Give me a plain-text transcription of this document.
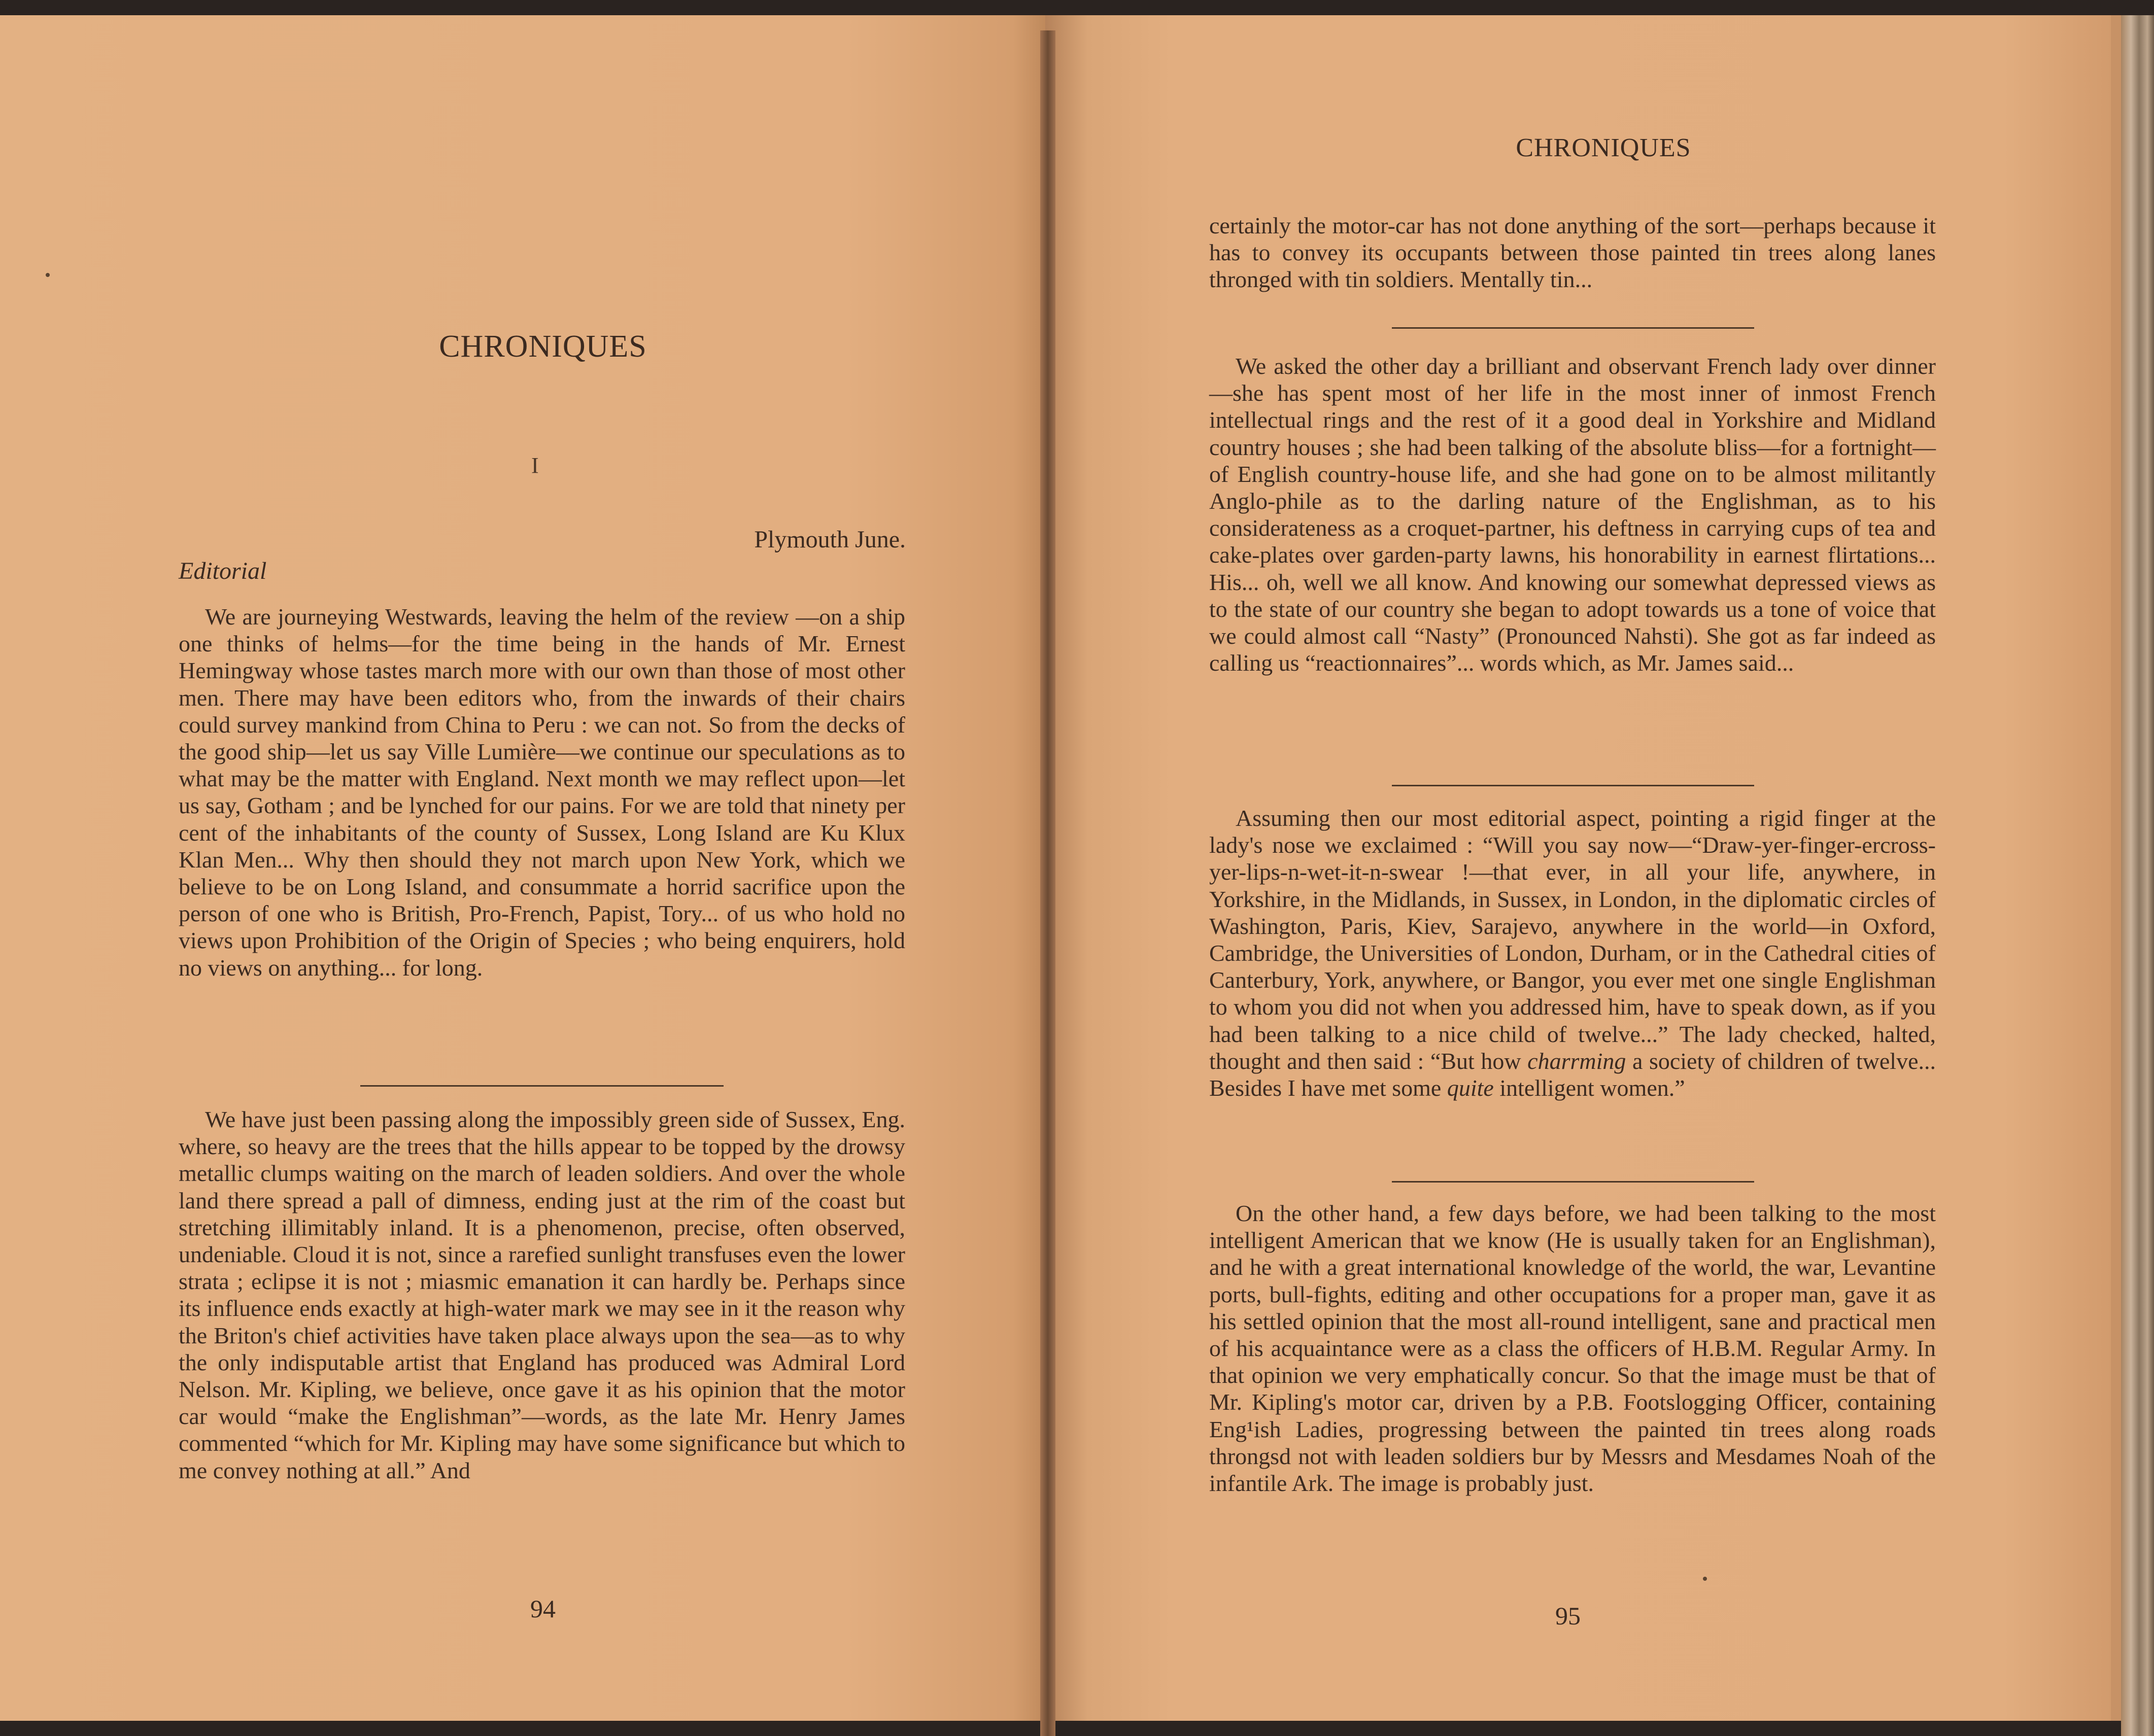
CHRONIQUES
I
Plymouth June.
Editorial

We are journeying Westwards, leaving the helm of the review —on a ship one thinks of helms—for the time being in the hands of Mr. Ernest Hemingway whose tastes march more with our own than those of most other men. There may have been editors who, from the inwards of their chairs could survey mankind from China to Peru : we can not. So from the decks of the good ship—let us say Ville Lumière—we continue our speculations as to what may be the matter with England. Next month we may reflect upon—let us say, Gotham ; and be lynched for our pains. For we are told that ninety per cent of the inhabitants of the county of Sussex, Long Island are Ku Klux Klan Men... Why then should they not march upon New York, which we believe to be on Long Island, and consummate a horrid sacrifice upon the person of one who is British, Pro-French, Papist, Tory... of us who hold no views upon Prohibition of the Origin of Species ; who being enquirers, hold no views on anything... for long.

We have just been passing along the impossibly green side of Sussex, Eng. where, so heavy are the trees that the hills appear to be topped by the drowsy metallic clumps waiting on the march of leaden soldiers. And over the whole land there spread a pall of dimness, ending just at the rim of the coast but stretching illimitably inland. It is a phenomenon, precise, often observed, undeniable. Cloud it is not, since a rarefied sunlight transfuses even the lower strata ; eclipse it is not ; miasmic emanation it can hardly be. Perhaps since its influence ends exactly at high-water mark we may see in it the reason why the Briton's chief activities have taken place always upon the sea—as to why the only indisputable artist that England has produced was Admiral Lord Nelson. Mr. Kipling, we believe, once gave it as his opinion that the motor car would “make the Englishman”—words, as the late Mr. Henry James commented “which for Mr. Kipling may have some significance but which to me convey nothing at all.” And

94
CHRONIQUES

certainly the motor-car has not done anything of the sort—perhaps because it has to convey its occupants between those painted tin trees along lanes thronged with tin soldiers. Mentally tin...

We asked the other day a brilliant and observant French lady over dinner—she has spent most of her life in the most inner of inmost French intellectual rings and the rest of it a good deal in Yorkshire and Midland country houses ; she had been talking of the absolute bliss—for a fortnight—of English country-house life, and she had gone on to be almost militantly Anglo-phile as to the darling nature of the Englishman, as to his considerateness as a croquet-partner, his deftness in carrying cups of tea and cake-plates over garden-party lawns, his honorability in earnest flirtations... His... oh, well we all know. And knowing our somewhat depressed views as to the state of our country she began to adopt towards us a tone of voice that we could almost call “Nasty” (Pronounced Nahsti). She got as far indeed as calling us “reactionnaires”... words which, as Mr. James said...

Assuming then our most editorial aspect, pointing a rigid finger at the lady's nose we exclaimed : “Will you say now—“Draw-yer-finger-ercross-yer-lips-n-wet-it-n-swear !—that ever, in all your life, anywhere, in Yorkshire, in the Midlands, in Sussex, in London, in the diplomatic circles of Washington, Paris, Kiev, Sarajevo, anywhere in the world—in Oxford, Cambridge, the Universities of London, Durham, or in the Cathedral cities of Canterbury, York, anywhere, or Bangor, you ever met one single Englishman to whom you did not when you addressed him, have to speak down, as if you had been talking to a nice child of twelve...” The lady checked, halted, thought and then said : “But how charrming a society of children of twelve... Besides I have met some quite intelligent women.”

On the other hand, a few days before, we had been talking to the most intelligent American that we know (He is usually taken for an Englishman), and he with a great international knowledge of the world, the war, Levantine ports, bull-fights, editing and other occupations for a proper man, gave it as his settled opinion that the most all-round intelligent, sane and practical men of his acquaintance were as a class the officers of H.B.M. Regular Army. In that opinion we very emphatically concur. So that the image must be that of Mr. Kipling's motor car, driven by a P.B. Footslogging Officer, containing Eng¹ish Ladies, progressing between the painted tin trees along roads throngsd not with leaden soldiers bur by Messrs and Mesdames Noah of the infantile Ark. The image is probably just.

95
